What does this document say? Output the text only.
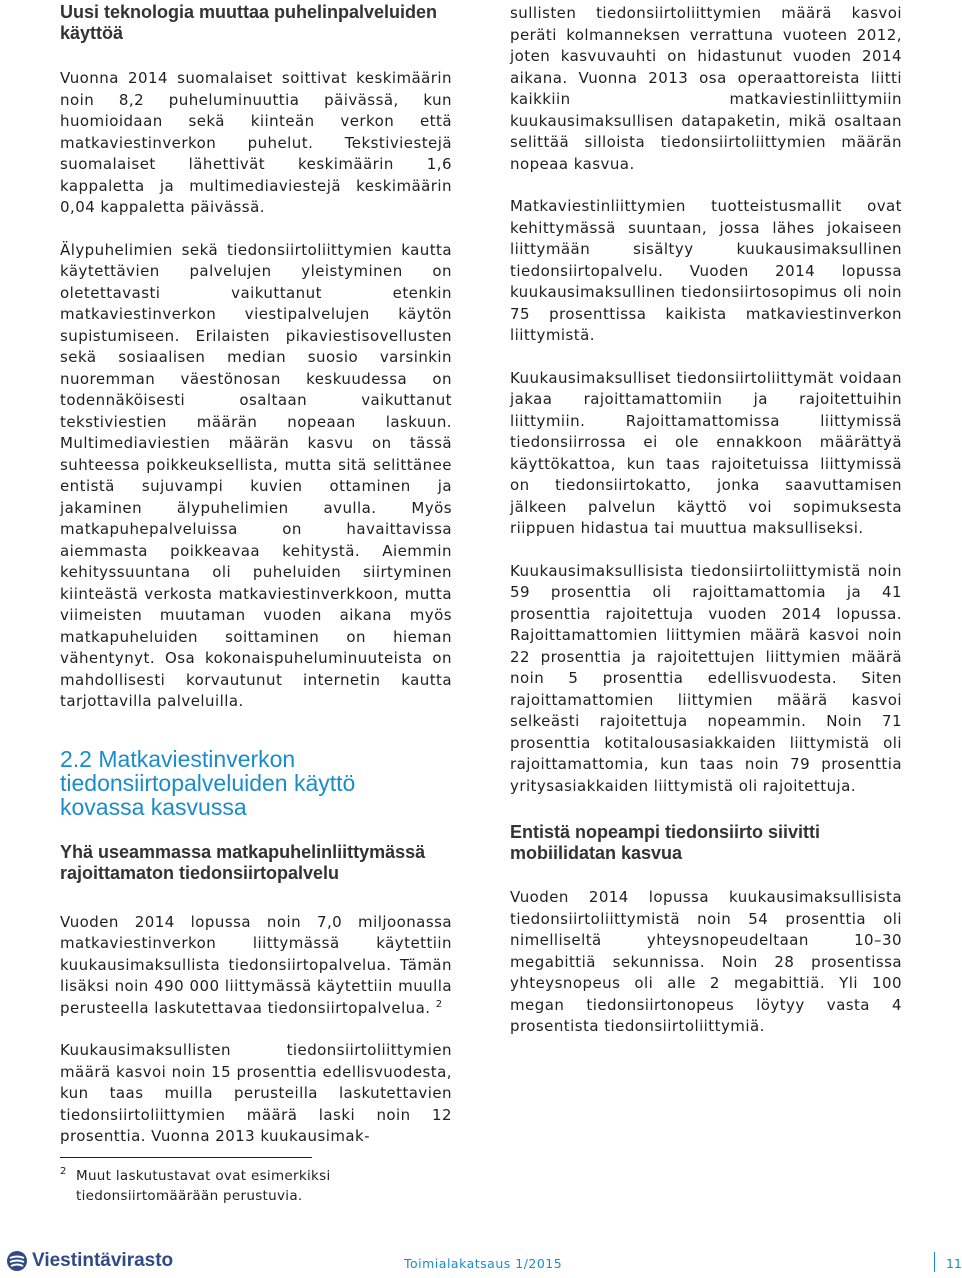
Uusi teknologia muuttaa puhelinpalveluiden käyttöä

Vuonna 2014 suomalaiset soittivat keskimäärin noin 8,2 puheluminuuttia päivässä, kun huomioidaan sekä kiinteän verkon että matkaviestinverkon puhelut. Tekstiviestejä suomalaiset lähettivät keskimäärin 1,6 kappaletta ja multimediaviestejä keskimäärin 0,04 kappaletta päivässä.

Älypuhelimien sekä tiedonsiirtoliittymien kautta käytettävien palvelujen yleistyminen on oletettavasti vaikuttanut etenkin matkaviestinverkon viestipalvelujen käytön supistumiseen. Erilaisten pikaviestisovellusten sekä sosiaalisen median suosio varsinkin nuoremman väestönosan keskuudessa on todennäköisesti osaltaan vaikuttanut tekstiviestien määrän nopeaan laskuun. Multimediaviestien määrän kasvu on tässä suhteessa poikkeuksellista, mutta sitä selittänee entistä sujuvampi kuvien ottaminen ja jakaminen älypuhelimien avulla. Myös matkapuhepalveluissa on havaittavissa aiemmasta poikkeavaa kehitystä. Aiemmin kehityssuuntana oli puheluiden siirtyminen kiinteästä verkosta matkaviestinverkkoon, mutta viimeisten muutaman vuoden aikana myös matkapuheluiden soittaminen on hieman vähentynyt. Osa kokonaispuheluminuuteista on mahdollisesti korvautunut internetin kautta tarjottavilla palveluilla.

2.2 Matkaviestinverkon tiedonsiirtopalveluiden käyttö kovassa kasvussa
Yhä useammassa matkapuhelinliittymässä rajoittamaton tiedonsiirtopalvelu

Vuoden 2014 lopussa noin 7,0 miljoonassa matkaviestinverkon liittymässä käytettiin kuukausimaksullista tiedonsiirtopalvelua. Tämän lisäksi noin 490 000 liittymässä käytettiin muulla perusteella laskutettavaa tiedonsiirtopalvelua. $^2$

Kuukausimaksullisten tiedonsiirtoliittymien määrä kasvoi noin 15 prosenttia edellisvuodesta, kun taas muilla perusteilla laskutettavien tiedonsiirtoliittymien määrä laski noin 12 prosenttia. Vuonna 2013 kuukausimak-

sullisten tiedonsiirtoliittymien määrä kasvoi peräti kolmanneksen verrattuna vuoteen 2012, joten kasvuvauhti on hidastunut vuoden 2014 aikana. Vuonna 2013 osa operaattoreista liitti kaikkiin matkaviestinliittymiin kuukausimaksullisen datapaketin, mikä osaltaan selittää silloista tiedonsiirtoliittymien määrän nopeaa kasvua.

Matkaviestinliittymien tuotteistusmallit ovat kehittymässä suuntaan, jossa lähes jokaiseen liittymään sisältyy kuukausimaksullinen tiedonsiirtopalvelu. Vuoden 2014 lopussa kuukausimaksullinen tiedonsiirtosopimus oli noin 75 prosenttissa kaikista matkaviestinverkon liittymistä.

Kuukausimaksulliset tiedonsiirtoliittymät voidaan jakaa rajoittamattomiin ja rajoitettuihin liittymiin. Rajoittamattomissa liittymissä tiedonsiirrossa ei ole ennakkoon määrättyä käyttökattoa, kun taas rajoitetuissa liittymissä on tiedonsiirtokatto, jonka saavuttamisen jälkeen palvelun käyttö voi sopimuksesta riippuen hidastua tai muuttua maksulliseksi.

Kuukausimaksullisista tiedonsiirtoliittymistä noin 59 prosenttia oli rajoittamattomia ja 41 prosenttia rajoitettuja vuoden 2014 lopussa. Rajoittamattomien liittymien määrä kasvoi noin 22 prosenttia ja rajoitettujen liittymien määrä noin 5 prosenttia edellisvuodesta. Siten rajoittamattomien liittymien määrä kasvoi selkeästi rajoitettuja nopeammin. Noin 71 prosenttia kotitalousasiakkaiden liittymistä oli rajoittamattomia, kun taas noin 79 prosenttia yritysasiakkaiden liittymistä oli rajoitettuja.

Entistä nopeampi tiedonsiirto siivitti mobiilidatan kasvua

Vuoden 2014 lopussa kuukausimaksullisista tiedonsiirtoliittymistä noin 54 prosenttia oli nimelliseltä yhteysnopeudeltaan 10–30 megabittiä sekunnissa. Noin 28 prosentissa yhteysnopeus oli alle 2 megabittiä. Yli 100 megan tiedonsiirtonopeus löytyy vasta 4 prosentista tiedonsiirtoliittymiä.

2 Muut laskutustavat ovat esimerkiksi tiedonsiirtomäärään perustuvia.
Viestintävirasto	Toimialakatsaus 1/2015	11
